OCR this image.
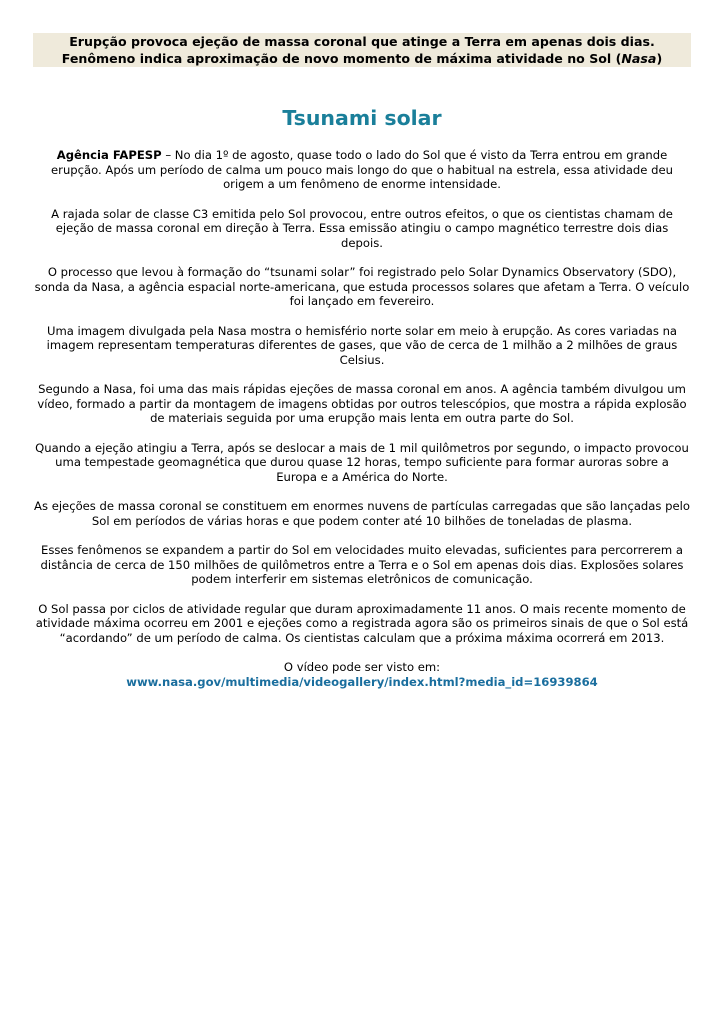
Erupção provoca ejeção de massa coronal que atinge a Terra em apenas dois dias.
Fenômeno indica aproximação de novo momento de máxima atividade no Sol (Nasa)
Tsunami solar

Agência FAPESP – No dia 1º de agosto, quase todo o lado do Sol que é visto da Terra entrou em grande erupção. Após um período de calma um pouco mais longo do que o habitual na estrela, essa atividade deu origem a um fenômeno de enorme intensidade.

A rajada solar de classe C3 emitida pelo Sol provocou, entre outros efeitos, o que os cientistas chamam de ejeção de massa coronal em direção à Terra. Essa emissão atingiu o campo magnético terrestre dois dias depois.

O processo que levou à formação do “tsunami solar” foi registrado pelo Solar Dynamics Observatory (SDO), sonda da Nasa, a agência espacial norte-americana, que estuda processos solares que afetam a Terra. O veículo foi lançado em fevereiro.

Uma imagem divulgada pela Nasa mostra o hemisfério norte solar em meio à erupção. As cores variadas na imagem representam temperaturas diferentes de gases, que vão de cerca de 1 milhão a 2 milhões de graus Celsius.

Segundo a Nasa, foi uma das mais rápidas ejeções de massa coronal em anos. A agência também divulgou um vídeo, formado a partir da montagem de imagens obtidas por outros telescópios, que mostra a rápida explosão de materiais seguida por uma erupção mais lenta em outra parte do Sol.

Quando a ejeção atingiu a Terra, após se deslocar a mais de 1 mil quilômetros por segundo, o impacto provocou uma tempestade geomagnética que durou quase 12 horas, tempo suficiente para formar auroras sobre a Europa e a América do Norte.

As ejeções de massa coronal se constituem em enormes nuvens de partículas carregadas que são lançadas pelo Sol em períodos de várias horas e que podem conter até 10 bilhões de toneladas de plasma.

Esses fenômenos se expandem a partir do Sol em velocidades muito elevadas, suficientes para percorrerem a distância de cerca de 150 milhões de quilômetros entre a Terra e o Sol em apenas dois dias. Explosões solares podem interferir em sistemas eletrônicos de comunicação.

O Sol passa por ciclos de atividade regular que duram aproximadamente 11 anos. O mais recente momento de atividade máxima ocorreu em 2001 e ejeções como a registrada agora são os primeiros sinais de que o Sol está “acordando” de um período de calma. Os cientistas calculam que a próxima máxima ocorrerá em 2013.

O vídeo pode ser visto em:
www.nasa.gov/multimedia/videogallery/index.html?media_id=16939864
